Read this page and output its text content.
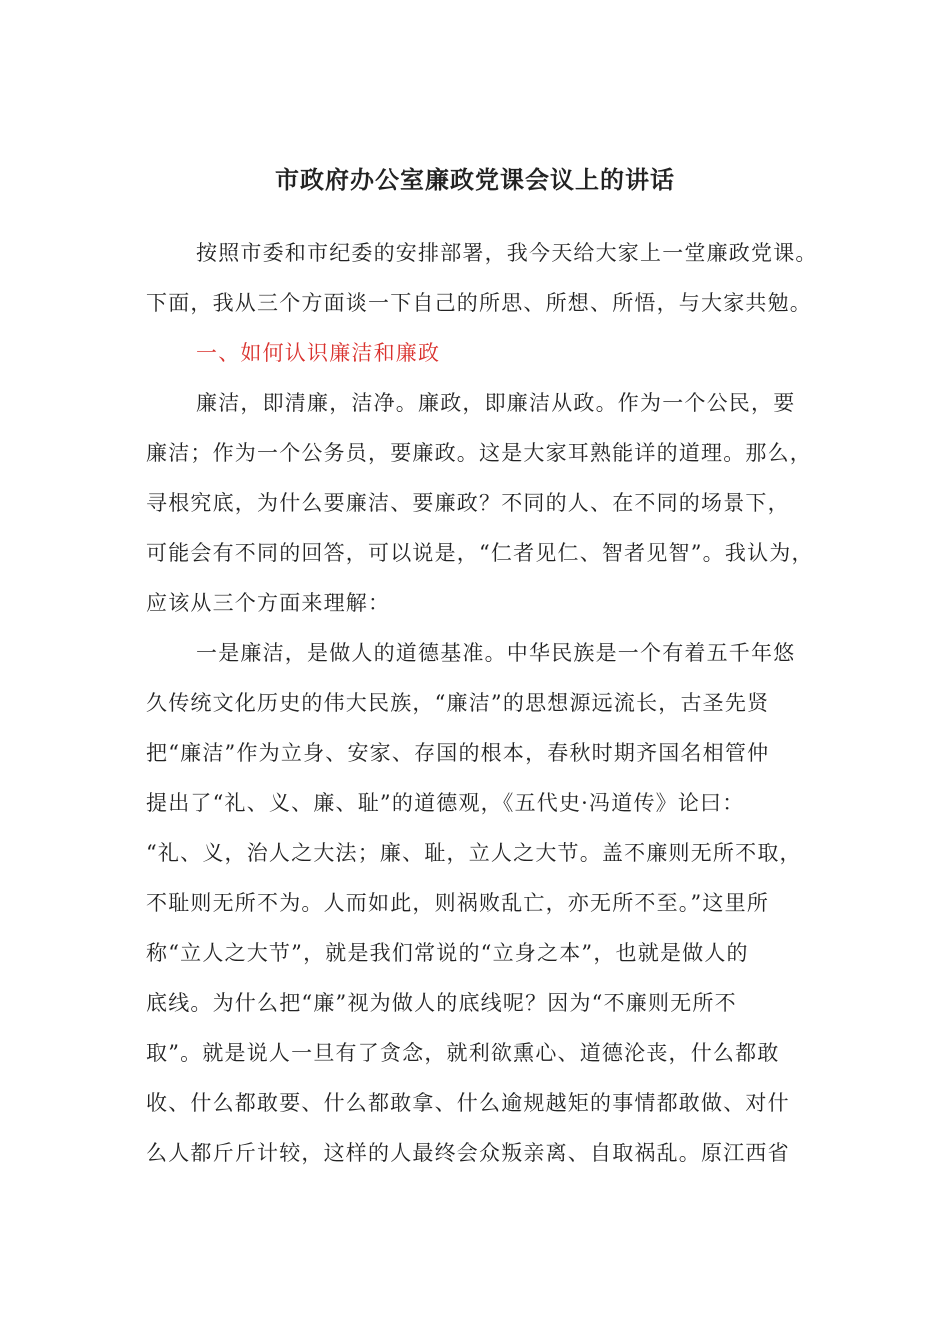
市政府办公室廉政党课会议上的讲话
按照市委和市纪委的安排部署，我今天给大家上一堂廉政党课。
下面，我从三个方面谈一下自己的所思、所想、所悟，与大家共勉。
一、如何认识廉洁和廉政
廉洁，即清廉，洁净。廉政，即廉洁从政。作为一个公民，要
廉洁；作为一个公务员，要廉政。这是大家耳熟能详的道理。那么，
寻根究底，为什么要廉洁、要廉政？不同的人、在不同的场景下，
可能会有不同的回答，可以说是，“仁者见仁、智者见智”。我认为，
应该从三个方面来理解：
一是廉洁，是做人的道德基准。中华民族是一个有着五千年悠
久传统文化历史的伟大民族，“廉洁”的思想源远流长，古圣先贤
把“廉洁”作为立身、安家、存国的根本，春秋时期齐国名相管仲
提出了“礼、义、廉、耻”的道德观，《五代史·冯道传》论曰：
“礼、义，治人之大法；廉、耻，立人之大节。盖不廉则无所不取，
不耻则无所不为。人而如此，则祸败乱亡，亦无所不至。”这里所
称“立人之大节”，就是我们常说的“立身之本”，也就是做人的
底线。为什么把“廉”视为做人的底线呢？因为“不廉则无所不
取”。就是说人一旦有了贪念，就利欲熏心、道德沦丧，什么都敢
收、什么都敢要、什么都敢拿、什么逾规越矩的事情都敢做、对什
么人都斤斤计较，这样的人最终会众叛亲离、自取祸乱。原江西省
